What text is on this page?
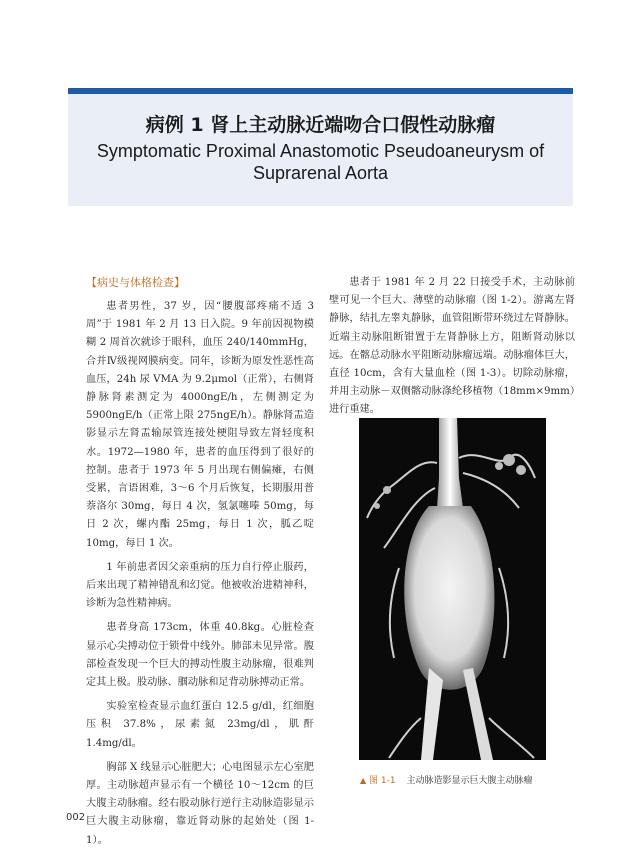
病例 1 肾上主动脉近端吻合口假性动脉瘤
Symptomatic Proximal Anastomotic Pseudoaneurysm of Suprarenal Aorta
【病史与体格检查】

患者男性，37 岁，因“腰腹部疼痛不适 3 周”于 1981 年 2 月 13 日入院。9 年前因视物模糊 2 周首次就诊于眼科，血压 240/140mmHg，合并Ⅳ级视网膜病变。同年，诊断为原发性恶性高血压，24h 尿 VMA 为 9.2μmol（正常），右侧肾静脉肾素测定为 4000ngE/h，左侧测定为 5900ngE/h（正常上限 275ngE/h）。静脉肾盂造影显示左肾盂输尿管连接处梗阻导致左肾轻度积水。1972—1980 年，患者的血压得到了很好的控制。患者于 1973 年 5 月出现右侧偏瘫，右侧受累，言语困难，3～6 个月后恢复，长期服用普萘洛尔 30mg，每日 4 次，氢氯噻嗪 50mg，每日 2 次，螺内酯 25mg，每日 1 次，胍乙啶 10mg，每日 1 次。

1 年前患者因父亲重病的压力自行停止服药，后来出现了精神错乱和幻觉。他被收治进精神科，诊断为急性精神病。

患者身高 173cm，体重 40.8kg。心脏检查显示心尖搏动位于锁骨中线外。肺部未见异常。腹部检查发现一个巨大的搏动性腹主动脉瘤，很难判定其上极。股动脉、腘动脉和足背动脉搏动正常。

实验室检查显示血红蛋白 12.5 g/dl，红细胞压积 37.8%，尿素氮 23mg/dl，肌酐 1.4mg/dl。

胸部 X 线显示心脏肥大；心电图显示左心室肥厚。主动脉超声显示有一个横径 10～12cm 的巨大腹主动脉瘤。经右股动脉行逆行主动脉造影显示巨大腹主动脉瘤，靠近肾动脉的起始处（图 1-1）。

患者于 1981 年 2 月 22 日接受手术，主动脉前壁可见一个巨大、薄壁的动脉瘤（图 1-2）。游离左肾静脉，结扎左睾丸静脉，血管阻断带环绕过左肾静脉。近端主动脉阻断钳置于左肾静脉上方，阻断肾动脉以远。在髂总动脉水平阻断动脉瘤远端。动脉瘤体巨大，直径 10cm，含有大量血栓（图 1-3）。切除动脉瘤，并用主动脉－双侧髂动脉涤纶移植物（18mm×9mm）进行重建。

▲ 图 1-1 主动脉造影显示巨大腹主动脉瘤
002
